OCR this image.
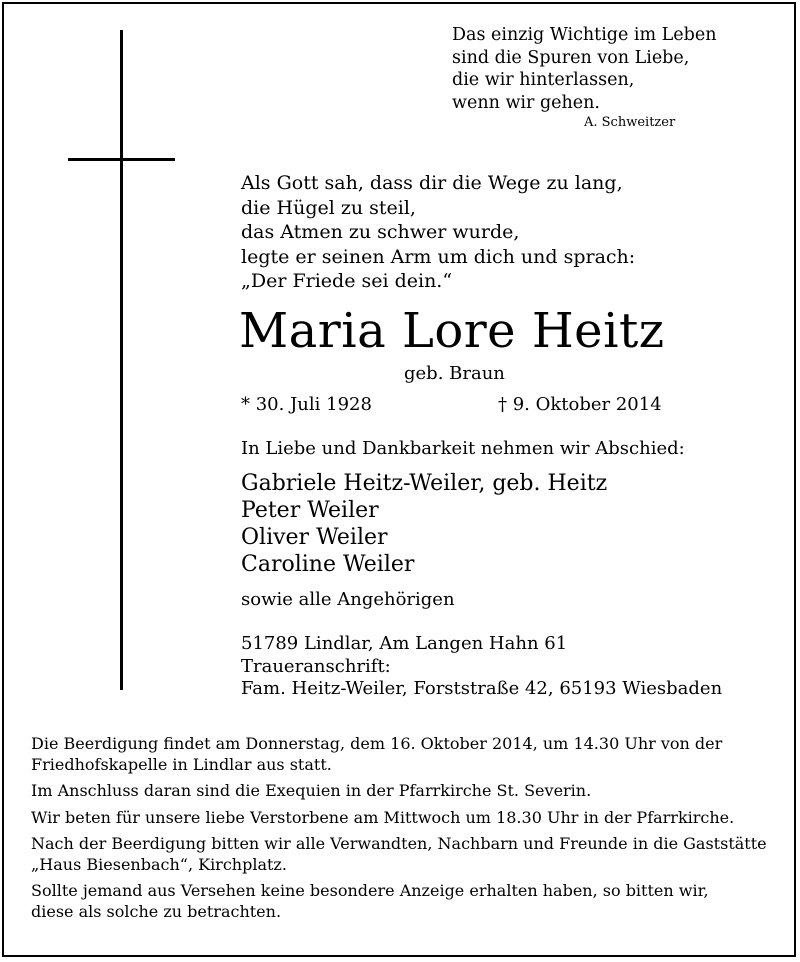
Das einzig Wichtige im Leben
sind die Spuren von Liebe,
die wir hinterlassen,
wenn wir gehen.
A. Schweitzer
Als Gott sah, dass dir die Wege zu lang,
die Hügel zu steil,
das Atmen zu schwer wurde,
legte er seinen Arm um dich und sprach:
„Der Friede sei dein.“
Maria Lore Heitz
geb. Braun
* 30. Juli 1928	† 9. Oktober 2014
In Liebe und Dankbarkeit nehmen wir Abschied:
Gabriele Heitz-Weiler, geb. Heitz
Peter Weiler
Oliver Weiler
Caroline Weiler
sowie alle Angehörigen
51789 Lindlar, Am Langen Hahn 61
Traueranschrift:
Fam. Heitz-Weiler, Forststraße 42, 65193 Wiesbaden

Die Beerdigung findet am Donnerstag, dem 16. Oktober 2014, um 14.30 Uhr von der
Friedhofskapelle in Lindlar aus statt.

Im Anschluss daran sind die Exequien in der Pfarrkirche St. Severin.

Wir beten für unsere liebe Verstorbene am Mittwoch um 18.30 Uhr in der Pfarrkirche.

Nach der Beerdigung bitten wir alle Verwandten, Nachbarn und Freunde in die Gaststätte
„Haus Biesenbach“, Kirchplatz.

Sollte jemand aus Versehen keine besondere Anzeige erhalten haben, so bitten wir,
diese als solche zu betrachten.
